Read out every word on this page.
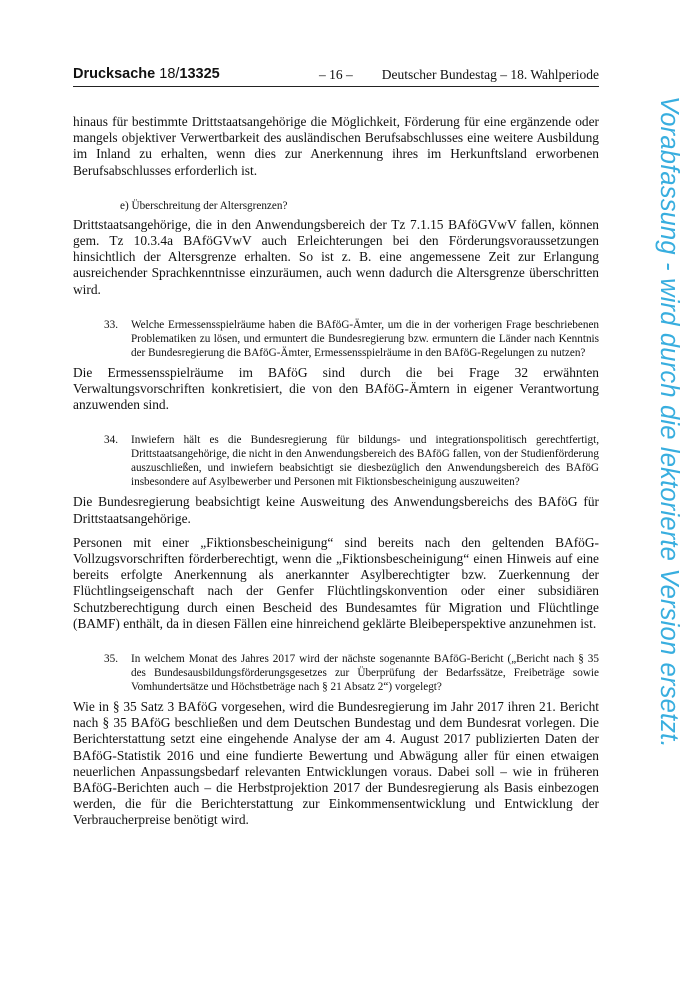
Drucksache 18/13325	– 16 – Deutscher Bundestag – 18. Wahlperiode

hinaus für bestimmte Drittstaatsangehörige die Möglichkeit, Förderung für eine ergänzende oder mangels objektiver Verwertbarkeit des ausländischen Berufsabschlusses eine weitere Ausbildung im Inland zu erhalten, wenn dies zur Anerkennung ihres im Herkunftsland erworbenen Berufsabschlusses erforderlich ist.

e) Überschreitung der Altersgrenzen?

Drittstaatsangehörige, die in den Anwendungsbereich der Tz 7.1.15 BAföGVwV fallen, können gem. Tz 10.3.4a BAföGVwV auch Erleichterungen bei den Förderungsvoraussetzungen hinsichtlich der Altersgrenze erhalten. So ist z. B. eine angemessene Zeit zur Erlangung ausreichender Sprachkenntnisse einzuräumen, auch wenn dadurch die Altersgrenze überschritten wird.

33.	Welche Ermessensspielräume haben die BAföG-Ämter, um die in der vorherigen Frage beschriebenen Problematiken zu lösen, und ermuntert die Bundesregierung bzw. ermuntern die Länder nach Kenntnis der Bundesregierung die BAföG-Ämter, Ermessensspielräume in den BAföG-Regelungen zu nutzen?

Die Ermessensspielräume im BAföG sind durch die bei Frage 32 erwähnten Verwaltungsvorschriften konkretisiert, die von den BAföG-Ämtern in eigener Verantwortung anzuwenden sind.

34.	Inwiefern hält es die Bundesregierung für bildungs- und integrationspolitisch gerechtfertigt, Drittstaatsangehörige, die nicht in den Anwendungsbereich des BAföG fallen, von der Studienförderung auszuschließen, und inwiefern beabsichtigt sie diesbezüglich den Anwendungsbereich des BAföG insbesondere auf Asylbewerber und Personen mit Fiktionsbescheinigung auszuweiten?

Die Bundesregierung beabsichtigt keine Ausweitung des Anwendungsbereichs des BAföG für Drittstaatsangehörige.

Personen mit einer „Fiktionsbescheinigung“ sind bereits nach den geltenden BAföG-Vollzugsvorschriften förderberechtigt, wenn die „Fiktionsbescheinigung“ einen Hinweis auf eine bereits erfolgte Anerkennung als anerkannter Asylberechtigter bzw. Zuerkennung der Flüchtlingseigenschaft nach der Genfer Flüchtlingskonvention oder einer subsidiären Schutzberechtigung durch einen Bescheid des Bundesamtes für Migration und Flüchtlinge (BAMF) enthält, da in diesen Fällen eine hinreichend geklärte Bleibeperspektive anzunehmen ist.

35.	In welchem Monat des Jahres 2017 wird der nächste sogenannte BAföG-Bericht („Bericht nach § 35 des Bundesausbildungsförderungsgesetzes zur Überprüfung der Bedarfssätze, Freibeträge sowie Vomhundertsätze und Höchstbeträge nach § 21 Absatz 2“) vorgelegt?

Wie in § 35 Satz 3 BAföG vorgesehen, wird die Bundesregierung im Jahr 2017 ihren 21. Bericht nach § 35 BAföG beschließen und dem Deutschen Bundestag und dem Bundesrat vorlegen. Die Berichterstattung setzt eine eingehende Analyse der am 4. August 2017 publizierten Daten der BAföG-Statistik 2016 und eine fundierte Bewertung und Abwägung aller für einen etwaigen neuerlichen Anpassungsbedarf relevanten Entwicklungen voraus. Dabei soll – wie in früheren BAföG-Berichten auch – die Herbstprojektion 2017 der Bundesregierung als Basis einbezogen werden, die für die Berichterstattung zur Einkommensentwicklung und Entwicklung der Verbraucherpreise benötigt wird.

Vorabfassung - wird durch die lektorierte Version ersetzt.
